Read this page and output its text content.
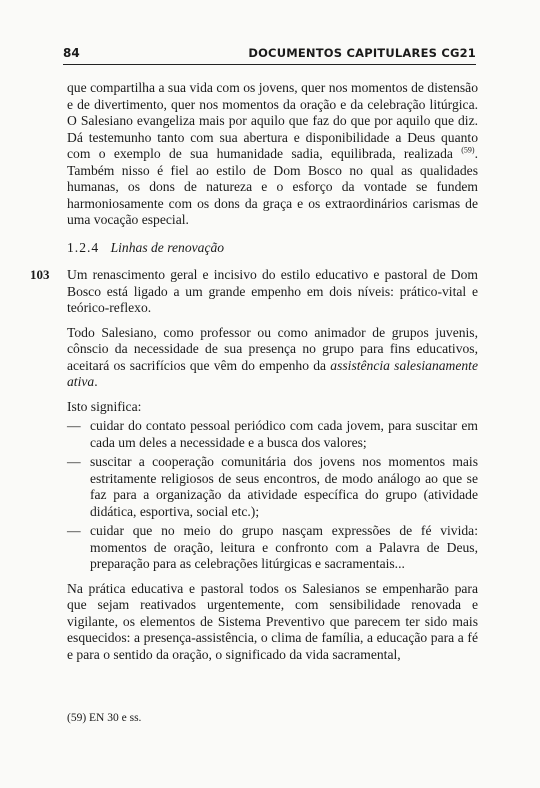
84	DOCUMENTOS CAPITULARES CG21

que compartilha a sua vida com os jovens, quer nos momentos de distensão e de divertimento, quer nos momentos da oração e da celebração litúrgica. O Salesiano evangeliza mais por aquilo que faz do que por aquilo que diz. Dá testemunho tanto com sua abertura e disponibilidade a Deus quanto com o exemplo de sua humanidade sadia, equilibrada, realizada $^{(59)}$. Também nisso é fiel ao estilo de Dom Bosco no qual as qualidades humanas, os dons de natureza e o esforço da vontade se fundem harmoniosamente com os dons da graça e os extraordinários carismas de uma vocação especial.

1.2.4 Linhas de renovação
103 Um renascimento geral e incisivo do estilo educativo e pastoral de Dom Bosco está ligado a um grande empenho em dois níveis: prático-vital e teórico-reflexo.

Todo Salesiano, como professor ou como animador de grupos juvenis, cônscio da necessidade de sua presença no grupo para fins educativos, aceitará os sacrifícios que vêm do empenho da assistência salesianamente ativa.

Isto significa:

— cuidar do contato pessoal periódico com cada jovem, para suscitar em cada um deles a necessidade e a busca dos valores;
— suscitar a cooperação comunitária dos jovens nos momentos mais estritamente religiosos de seus encontros, de modo análogo ao que se faz para a organização da atividade específica do grupo (atividade didática, esportiva, social etc.);
— cuidar que no meio do grupo nasçam expressões de fé vivida: momentos de oração, leitura e confronto com a Palavra de Deus, preparação para as celebrações litúrgicas e sacramentais...

Na prática educativa e pastoral todos os Salesianos se empenharão para que sejam reativados urgentemente, com sensibilidade renovada e vigilante, os elementos de Sistema Preventivo que parecem ter sido mais esquecidos: a presença-assistência, o clima de família, a educação para a fé e para o sentido da oração, o significado da vida sacramental,

(59) EN 30 e ss.
